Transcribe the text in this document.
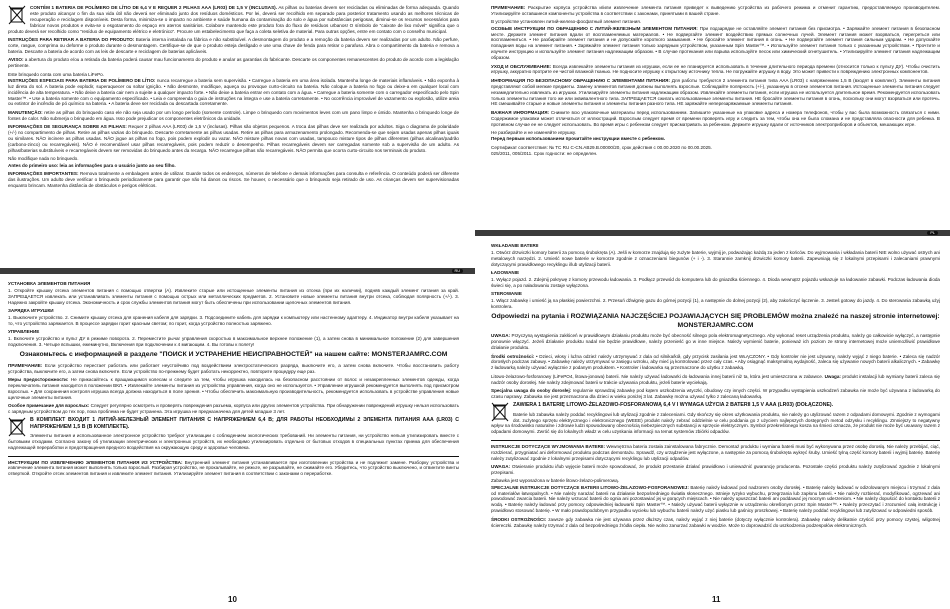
CONTÉM 1 BATERIA DE POLÍMERO DE LÍTIO DE 6,4 V E REQUER 2 PILHAS AAA (LR03) DE 1,5 V (INCLUSAS). As pilhas ou baterias devem ser recicladas ou eliminadas de forma adequada. Quando este produto alcançar o fim da sua vida útil não deverá ser eliminado junto dos resíduos domésticos. Por lei, deverá ser recolhido em separado para posterior tratamento usando as melhores técnicas de recuperação e reciclagem disponíveis. Desta forma, minimiza-se o impacto no ambiente e saúde humana da contaminação do solo e água por substâncias perigosas, diminui-se os recursos necessários para fabricar novos produtos e evita-se o esgotamento do espaço em aterros sanitários. Colabore mantendo este produto fora do fluxo de resíduos urbanos! O símbolo de "caixote de lixo móvel" significa que o produto deverá ser recolhido como "resíduo de equipamento elétrico e eletrónico". Procure um estabelecimento que faça a coleta seletiva de material. Para outras opções, entre em contato com o conselho municipal.

INSTRUÇÕES PARA RETIRAR A BATERIA DO PRODUTO: Bateria interna instalada na fábrica e não substituível. A desmontagem do produto e a remoção da bateria devem ser realizadas por um adulto. Não perfure, corte, rasgue, comprima ou deforme o produto durante o desmontagem. Certifique-se de que o produto esteja desligado e use uma chave de fenda para retirar o parafuso. Abra o compartimento da bateria e remova a bateria. Descarte a bateria de acordo com as leis de descarte e reciclagem de baterias aplicáveis.

AVISO: a abertura do produto e/ou a retirada da bateria poderá causar mau funcionamento do produto e anular as garantias do fabricante. Descarte os componentes remanescentes do produto de acordo com a legislação pertinente.

Este brinquedo conta com uma bateria LiFePo.

INSTRUÇÕES ESPECIAIS PARA BATERIA DE POLÍMERO DE LÍTIO: nunca recarregue a bateria sem supervisão. • Carregue a bateria em uma área isolada. Mantenha longe de materiais inflamáveis. • Não exponha à luz direta do sol. A bateria pode explodir, superaquecer ou soltar ignição. • Não desmonte, modifique, aqueça ou provoque curto-circuito na bateria. Não coloque a bateria no fogo ou deixe-a em qualquer local com incidência de alta temperatura. • Não deixe a bateria cair nem a sujeite a qualquer impacto forte. • Não deixe a bateria entrar em contato com a água. • Carregue a bateria somente com o carregador especificado pelo Spin Master™. • Use a bateria somente com o equipamento especificado. • Leia e compreenda o guia de instruções na íntegra e use a bateria corretamente. • No ocorrência improvável de vazamento ou explosão, utilize areia ou extintor de incêndio de pó químico na bateria. • A bateria deve ser reciclada ou descartada corretamente.

MANUTENÇÃO: retire as pilhas do brinquedo caso ele não seja usado por um longo período (somente controle). Limpe o brinquedo com movimentos leves com um pano limpo e úmido. Mantenha o brinquedo longe de fontes de calor. Não submerja o brinquedo em água. Isso pode prejudicar os componentes eletrônicos da unidade.

INFORMAÇÕES DE SEGURANÇA SOBRE AS PILHAS: Requer 2 pilhas AAA (LR03) de 1,5 V (inclusas). Pilhas são objetos pequenos. A troca das pilhas deve ser realizada por adultos. Siga o diagrama de polaridade (+/-) no compartimento de pilhas. Retire as pilhas vazias do brinquedo. Descarte corretamente as pilhas usadas. Retire as pilhas para armazenamento prolongado. Recomenda-se que sejam usadas apenas pilhas iguais ou similares. NÃO incinere as pilhas usadas. NÃO jogue as pilhas no fogo, pois podem explodir ou vazar. NÃO misture pilhas novas com usadas, tampouco misture tipos de pilhas diferentes (pilhas alcalinas/padrão (carbono-zinco) ou recarregáveis). NÃO é recomendável usar pilhas recarregáveis, pois podem reduzir o desempenho. Pilhas recarregáveis devem ser carregadas somente sob a supervisão de um adulto. As pilhas/baterias substituíveis e recarregáveis devem ser removidas do brinquedo antes da recarga. NÃO recarregue pilhas não recarregáveis. NÃO permita que ocorra curto-circuito nos terminais do produto.

Não modifique nada no brinquedo.

Antes do primeiro uso: leia as informações para o usuário junto ao seu filho.

INFORMAÇÕES IMPORTANTES: Remova totalmente a embalagem antes de utilizar. Guarde todos os endereços, números de telefone e demais informações para consulta e referência. O conteúdo poderá ser diferente das ilustrações. Um adulto deve verificar o brinquedo periodicamente para garantir que não há danos ou riscos. Se houver, o necessário que o brinquedo seja retirado de uso. As crianças devem ser supervisionadas enquanto brincam. Mantenha distância de obstáculos e perigos elétricos.

RU

УСТАНОВКА ЭЛЕМЕНТОВ ПИТАНИЯ

1. Откройте крышку отсека элементов питания с помощью отвертки (A). Извлеките старые или истощенные элементы питания из отсека (при их наличии), подняв каждый элемент питания за край. ЗАПРЕЩАЕТСЯ извлекать или устанавливать элементы питания с помощью острых или металлических предметов. 2. Установите новые элементы питания внутри отсека, соблюдая полярность (+/-). 3. Надежно закройте крышку отсека. Экономичность и срок службы элементов питания могут быть обеспечены при использовании щелочных элементов питания.

ЗАРЯДКА ИГРУШКИ

1. Выключите устройство. 2. Снимите крышку отсека для хранения кабеля для зарядки. 3. Подсоедините кабель для зарядки к компьютеру или настенному адаптеру. 4. Индикатор внутри кабеля указывает на то, что устройство заряжается. В процессе зарядки горит красным светом; по горит, когда устройство полностью заряжено.

УПРАВЛЕНИЕ

1. Включите устройство и пульт ДУ в режиме поворота. 2. Переместите рычаг управления скоростью в максимальное верхнее положение (1), а затем снова в минимальное положение (2) для завершения подключения. 3. Четыре вспышки, ежеминутно, Включения при подключении к 4 мигающим. 4. Вы готовы к полету!

Ознакомьтесь с информацией в разделе "ПОИСК И УСТРАНЕНИЕ НЕИСПРАВНОСТЕЙ" на нашем сайте: MONSTERJAMRC.COM

ПРИМЕЧАНИЕ: Если устройство перестает работать или работает неустойчиво под воздействием электростатического разряда, выключите его, а затем снова включите. Чтобы восстановить работу устройства, выключите его, а затем снова включите. Если устройство по-прежнему будет работать некорректно, повторите процедуру еще раз.

Меры предосторожности: Не прикасайтесь к вращающимся колесам и следите за тем, чтобы игрушка находилась на безопасном расстоянии от волос и незакрепленных элементов одежды, когда переключатель питания находится в положении ВКЛ. • Извлекайте элементы питания из устройства управления, когда оно не используется. • Управление игрушкой рекомендуется выполнять под присмотром взрослых. • Для сохранения контроля игрушка всегда должна находиться в поле зрения. • Чтобы обеспечить максимальную производительность, рекомендуется использовать в устройстве управления новые щелочные элементы питания.

Особое примечание для взрослых: Следует регулярно осмотреть и проверять повреждения разъема, корпуса или других элементов устройства. При обнаружении повреждений игрушку нельзя использовать с зарядным устройством до тех пор, пока проблема не будет устранена. Эта игрушка не предназначена для детей младше 3 лет.

В КОМПЛЕКТ ВХОДИТ 1 ЛИТИЙ-ЖЕЛЕЗНЫЙ ЭЛЕМЕНТ ПИТАНИЯ С НАПРЯЖЕНИЕМ 6,4 В; ДЛЯ РАБОТЫ НЕОБХОДИМЫ 2 ЭЛЕМЕНТА ПИТАНИЯ AAA (LR03) С НАПРЯЖЕНИЕМ 1,5 В (В КОМПЛЕКТЕ).

Элементы питания и использованное электронное устройство требуют утилизации с соблюдением экологических требований. Ни элементы питания, ни устройство нельзя утилизировать вместе с бытовыми отходами. Согласно закону об утилизации электрических и электронных устройств, их необходимо утилизировать отдельно от бытовых отходов в специальных пунктах приема для обеспечения надлежащей переработки и предотвращения вредного воздействия на окружающую среду и здоровье человека.

ИНСТРУКЦИИ ПО ИЗВЛЕЧЕНИЮ ЭЛЕМЕНТОВ ПИТАНИЯ ИЗ УСТРОЙСТВА: Внутренний элемент питания устанавливается при изготовлении устройства и не подлежит замене. Разборку устройства и извлечение элемента питания может выполнять только взрослый. Разбирая устройство, не прокалывайте, не режьте, не разрывайте, не сжимайте его. Убедитесь, что устройство выключено, и отвинтите винты отверткой. Откройте отсек элементов питания и извлеките элемент питания. Утилизируйте элемент питания в соответствии с законами о переработке.

10

ПРИМЕЧАНИЕ: Раскрытие корпуса устройства и/или извлечение элемента питания приведет к выведению устройства из рабочего режима и отменит гарантию, предоставляемую производителем. Утилизируйте оставшиеся компоненты устройства в соответствии с законами, принятыми в вашей стране.

В устройстве установлен литий-железо-фосфатный элемент питания.

ОСОБЫЕ ИНСТРУКЦИИ ПО ОБРАЩЕНИЮ С ЛИТИЙ-ЖЕЛЕЗНЫМ ЭЛЕМЕНТОМ ПИТАНИЯ: При подзарядке не оставляйте элемент питания без присмотра. • Заряжайте элемент питания в безопасном месте. Держите элемент питания вдали от воспламеняемых материалов. • Не подвергайте элемент воздействию прямых солнечных лучей. Элемент питания может взорваться, перегреться или воспламениться. • Не разбирайте элемент питания и не допускайте короткого замыкания. • Не бросайте элемент питания в огонь. • Не подвергайте элемент питания сильным ударам. • Не допускайте попадания воды на элемент питания. • Заряжайте элемент питания только зарядным устройством, указанным Spin Master™. • Используйте элемент питания только с указанным устройством. • Прочтите и изучите инструкцию и используйте элемент питания надлежащим образом. • В случае протекания или взрыва используйте песок или химический огнетушитель. • Утилизируйте элемент питания надлежащим образом.

УХОД И ОБСЛУЖИВАНИЕ: Всегда извлекайте элементы питания из игрушки, если ее не планируется использовать в течение длительного периода времени (относится только к пульту ДУ). Чтобы очистить игрушку, аккуратно протрите ее чистой влажной тканью. Не подносите игрушку к открытому источнику тепла. Не погружайте игрушку в воду. Это может привести к повреждению электронных компонентов.

ИНФОРМАЦИЯ ПО БЕЗОПАСНОМУ ОБРАЩЕНИЮ С ЭЛЕМЕНТАМИ ПИТАНИЯ: Для работы требуются 2 элемента питания типа AAA (LR03) с напряжением 1,5 В (входят в комплект). Элементы питания представляют собой мелкие предметы. Замену элементов питания должны выполнять взрослые. Соблюдайте полярность (+/-), указанную в отсеке элементов питания. Истощенные элементы питания следует незамедлительно извлекать из игрушки. Утилизируйте элементы питания надлежащим образом. Извлекайте элементы питания, если игрушка не используется длительное время. Рекомендуется использовать только элементы питания того же или эквивалентного типа. ЗАПРЕЩАЕТСЯ сжигать использованные элементы питания. НЕ бросайте элементы питания в огонь, поскольку они могут взорваться или протечь. НЕ смешивайте старые и новые элементы питания и элементы питания разного типа. НЕ заряжайте неперезаряжаемые элементы питания.

ВАЖНАЯ ИНФОРМАЦИЯ: Снимите всю упаковочные материалы перед использованием. Запишите указанные на упаковке адреса и номера телефонов, чтобы у вас была возможность связаться с ними. Содержимое упаковки может отличаться от иллюстраций. Взрослым следует время от времени проверять игру и следить за тем, чтобы она не была сломана и не представляла опасности для ребенка. В противном случае ее не следует использовать. Во время игры с ребенком следует присматривать за ребенком. Держите игрушку вдали от источников электроприборов и объектов, мешающих игре.

Не разбирайте и не изменяйте игрушку.

Перед первым использованием прочитайте инструкции вместе с ребенком.

Сертификат соответствия: № ТС RU C-CN.AB29.B.00000/20, срок действия с 00.00.2020 по 00.00.2025.

025/2011, 005/2011. Срок годности: не определен.

PL

WKŁADANIE BATERII

1. Otwórz drzwiczki komory baterii za pomocą śrubokręta (A). Jeśli w komorze znajdują się zużyte baterie, wyjmij je, podważając każdą za jeden z końców. Do wyjmowania i wkładania baterii NIE wolno używać ostrych ani metalowych narzędzi. 2. Umieść nowe baterie w komorze zgodnie z oznaczeniami biegunów (+ i -). 3. Starannie zamknij drzwiczki komory baterii. Zapewniają się z lokalnymi przepisami i zalecaniami prawnymi dotyczącymi prawidłowego recyklingu i/lub utylizacji baterii.

ŁADOWANIE

1. Wyłącz pojazd. 2. Zdejmij pokrywę z komory przewodu ładowania. 3. Podłącz przewód do komputera lub do gniazdka ściennego. 4. Dioda wewnątrz pojazdu wskazuje na ładowanie zabawki. Podczas ładowania dioda świeci się, a po naładowaniu zostaje wyłączona.

STEROWANIE

1. Włącz zabawkę i umieść ją na płaskiej powierzchni. 2. Przesuń dźwignię gazu do górnej pozycji (1), a następnie do dolnej pozycji (2), aby zakończyć łączenie. 3. Jesteś gotowy do jazdy. 4. Do sterowania zabawką użyj kontrolera.

Odpowiedzi na pytania i ROZWIĄZANIA NAJCZĘŚCIEJ POJAWIAJĄCYCH SIĘ PROBLEMÓW można znaleźć na naszej stronie internetowej: MONSTERJAMRC.COM

UWAGA: Przyczyną wystąpienia zakłóceń w prawidłowym działaniu produktu może być obecność silnego pola elektromagnetycznego. Aby wykonać reset urządzenia produktu, należy go całkowicie wyłączyć, a następnie ponownie włączyć. Jeżeli działanie produktu nadal nie będzie prawidłowe, należy przenieść go w inne miejsce. Należy wymienić baterie, ponieważ ich poziom ze strony internetowej może uniemożliwić prawidłowe działanie produktu.

Środki ostrożności: • Dzieci, włosy i luźna odzież należy utrzymywać z dala od silnika/kół, gdy przycisk zasilania jest WŁĄCZONY. • Gdy kontroler nie jest używany, należy wyjąć z niego baterie. • Zaleca się nadzór dorosłych podczas zabawy. • Zabawkę należy utrzymywać w zasięgu wzroku, aby mieć ją kontrolować przez cały czas. • Aby osiągnąć maksymalną wydajność, zaleca się używanie nowych baterii alkalicznych. • Zabawkę z ładowarką należy używać wyłącznie z podanym produktem. • Kontroler i ładowarka są przeznaczone do użytku z zabawką.

Litowo-żelazowo-fosforanowy (LiFePO4, litowa-jonowa) baterii. Nie należy używać ładowarki do ładowania innej baterii niż ta, która jest umieszczona w zabawce. Uwaga: produkt instalacji lub wymiany baterii zaleca się nadzór osoby dorosłej. Nie należy zdejmować baterii w trakcie używania produktu, jeżeli baterie wyciekają.

Specjalna uwaga do osoby dorosłej: regularnie sprawdzaj zabawkę pod kątem uszkodzenia wtyczki, obudowy czy innych części. W przypadku wystąpienia uszkodzeń zabawka nie może być używana z ładowarką do czasu naprawy. Zabawka nie jest przeznaczona dla dzieci w wieku poniżej 3 lat. Zabawkę można używać tylko z zalecaną ładowarką.

ZAWIERA 1 BATERIĘ LITOWO-ŻELAZOWO-FOSFORANOWĄ 6,4 V I WYMAGA UŻYCIA 2 BATERII 1,5 V AAA (LR03) (DOŁĄCZONE).

Baterie lub zabawka należy poddać recyklingowi lub utylizacji zgodnie z zaleceniami. Gdy skończy się okres użytkowania produktu, nie należy go utylizować razem z odpadami domowymi. Zgodnie z wymogami dot. zużytego sprzętu elektrycznego i elektronicznego (WEEE) produkt należy zebrać oddzielnie w celu poddania go z użyciem najlepszych dostępnych metod odzysku i recyklingu. Zmniejszy to negatywny wpływ na środowisko naturalne i zdrowie ludzi spowodowany obecnością niebezpiecznych substancji w sprzęcie elektrycznym. Symbol przekreślonego kosza na śmieci oznacza, że produkt nie może być usuwany razem z odpadami domowymi. Zwróć się do lokalnych władz w celu uzyskania informacji na temat systemów zbiórki odpadów.

INSTRUKCJE DOTYCZĄCE WYJMOWANIA BATERII: Wewnętrzna bateria została zainstalowana fabrycznie. Demontaż produktu i wymiana baterii musi być wykonywana przez osobę dorosłą. Nie należy przebijać, ciąć, rozdzierać, przygniatać ani deformować produktu podczas demontażu. Sprawdź, czy urządzenie jest wyłączone, a następnie za pomocą śrubokręta wykręć śruby. Umieść tylną część komory baterii i wyjmij baterię. Baterię należy zutylizować zgodnie z lokalnymi przepisami dotyczącymi recyklingu lub utylizacji odpadów.

UWAGA: Otwieranie produktu i/lub wyjęcie baterii może spowodować, że produkt przestanie działać prawidłowo i unieważnić gwarancję producenta. Pozostałe części produktu należy zutylizować zgodnie z lokalnymi przepisami.

Zabawka jest wyposażona w baterie litowo-żelazo-polimerową.

SPECJALNE INSTRUKCJE DOTYCZĄCE BATERII LITOWO-ŻELAZOWO-FOSFORANOWEJ: Baterię należy ładować pod nadzorem osoby dorosłej. • Baterię należy ładować w odizolowanym miejscu i trzymać z dala od materiałów łatwopalnych. • Nie należy narażać baterii na działanie bezpośredniego światła słonecznego. Istnieje ryzyko wybuchu, przegrzania lub zapłonu baterii. • Nie należy rozbierać, modyfikować, ogrzewać ani powodować zwarcia baterii. Nie należy wrzucać baterii do ognia ani pozostawiać jej w gorących miejscach. • Nie należy upuszczać baterii ani poddawać jej mocnym uderzeniom. • Nie należy dopuścić do kontaktu baterii z wodą. • Baterię należy ładować przy pomocy odpowiedniej ładowarki Spin Master™. • Należy używać baterii wyłącznie w urządzeniu określonym przez Spin Master™. • Należy przeczytać i zrozumieć całą instrukcję i prawidłowo stosować baterię. • W mało prawdopodobnym przypadku wycieku lub wybuchu baterii należy użyć piasku lub gaśnicy proszkowej. • Baterię należy poddać recyklingowi lub zutylizować w odpowiedni sposób.

ŚRODKI OSTROŻNOŚCI: zawsze gdy zabawka nie jest używana przez dłuższy czas, należy wyjąć z niej baterie (dotyczy wyłącznie kontrolera). Zabawkę należy delikatnie czyścić przy pomocy czystej, wilgotnej ściereczki. Zabawkę należy trzymać z dala od bezpośredniego źródła ciepła. Nie wolno zanurzać zabawki w wodzie. Może to doprowadzić do uszkodzenia podzespołów elektronicznych.

11
